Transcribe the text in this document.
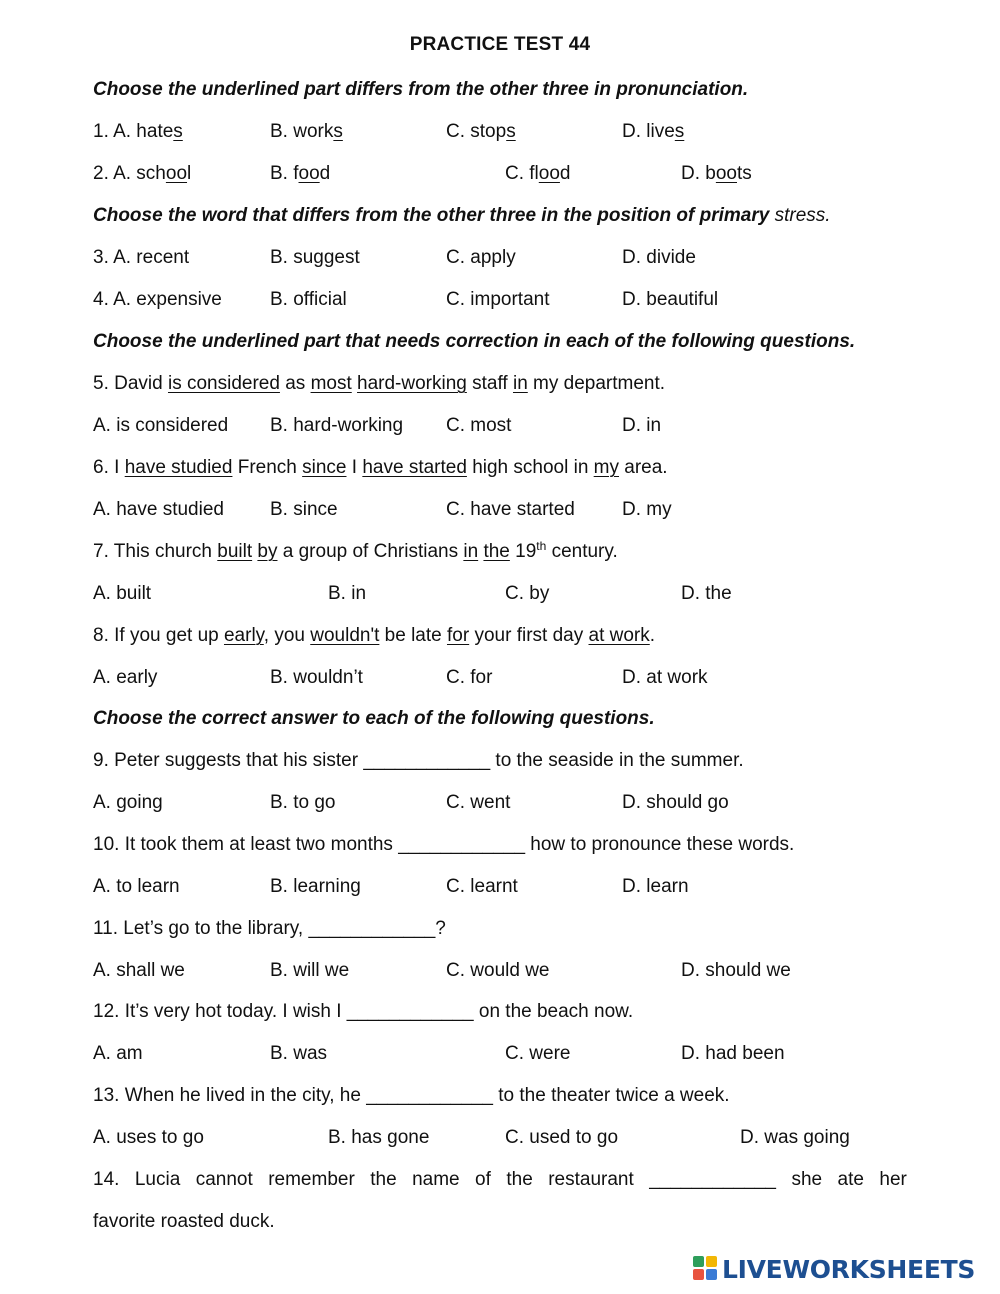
PRACTICE TEST 44
Choose the underlined part differs from the other three in pronunciation.
1. A. hates	B. works	C. stops	D. lives
2. A. school	B. food	C. flood	D. boots
Choose the word that differs from the other three in the position of primary stress.
3. A. recent	B. suggest	C. apply	D. divide
4. A. expensive	B. official	C. important	D. beautiful
Choose the underlined part that needs correction in each of the following questions.
5. David is considered as most hard-working staff in my department.
A. is considered B. hard-working C. most	D. in
6. I have studied French since I have started high school in my area.
A. have studied B. since	C. have started D. my
7. This church built by a group of Christians in the 19th century.
A. built	B. in	C. by	D. the
8. If you get up early, you wouldn't be late for your first day at work.
A. early	B. wouldn’t	C. for	D. at work
Choose the correct answer to each of the following questions.
9. Peter suggests that his sister ____________ to the seaside in the summer.
A. going	B. to go	C. went	D. should go
10. It took them at least two months ____________ how to pronounce these words.
A. to learn	B. learning	C. learnt	D. learn
11. Let’s go to the library, ____________?
A. shall we	B. will we	C. would we	D. should we
12. It’s very hot today. I wish I ____________ on the beach now.
A. am	B. was	C. were	D. had been
13. When he lived in the city, he ____________ to the theater twice a week.
A. uses to go	B. has gone	C. used to go	D. was going
14. Lucia cannot remember the name of the restaurant ____________ she ate her
favorite roasted duck.
LIVEWORKSHEETS
